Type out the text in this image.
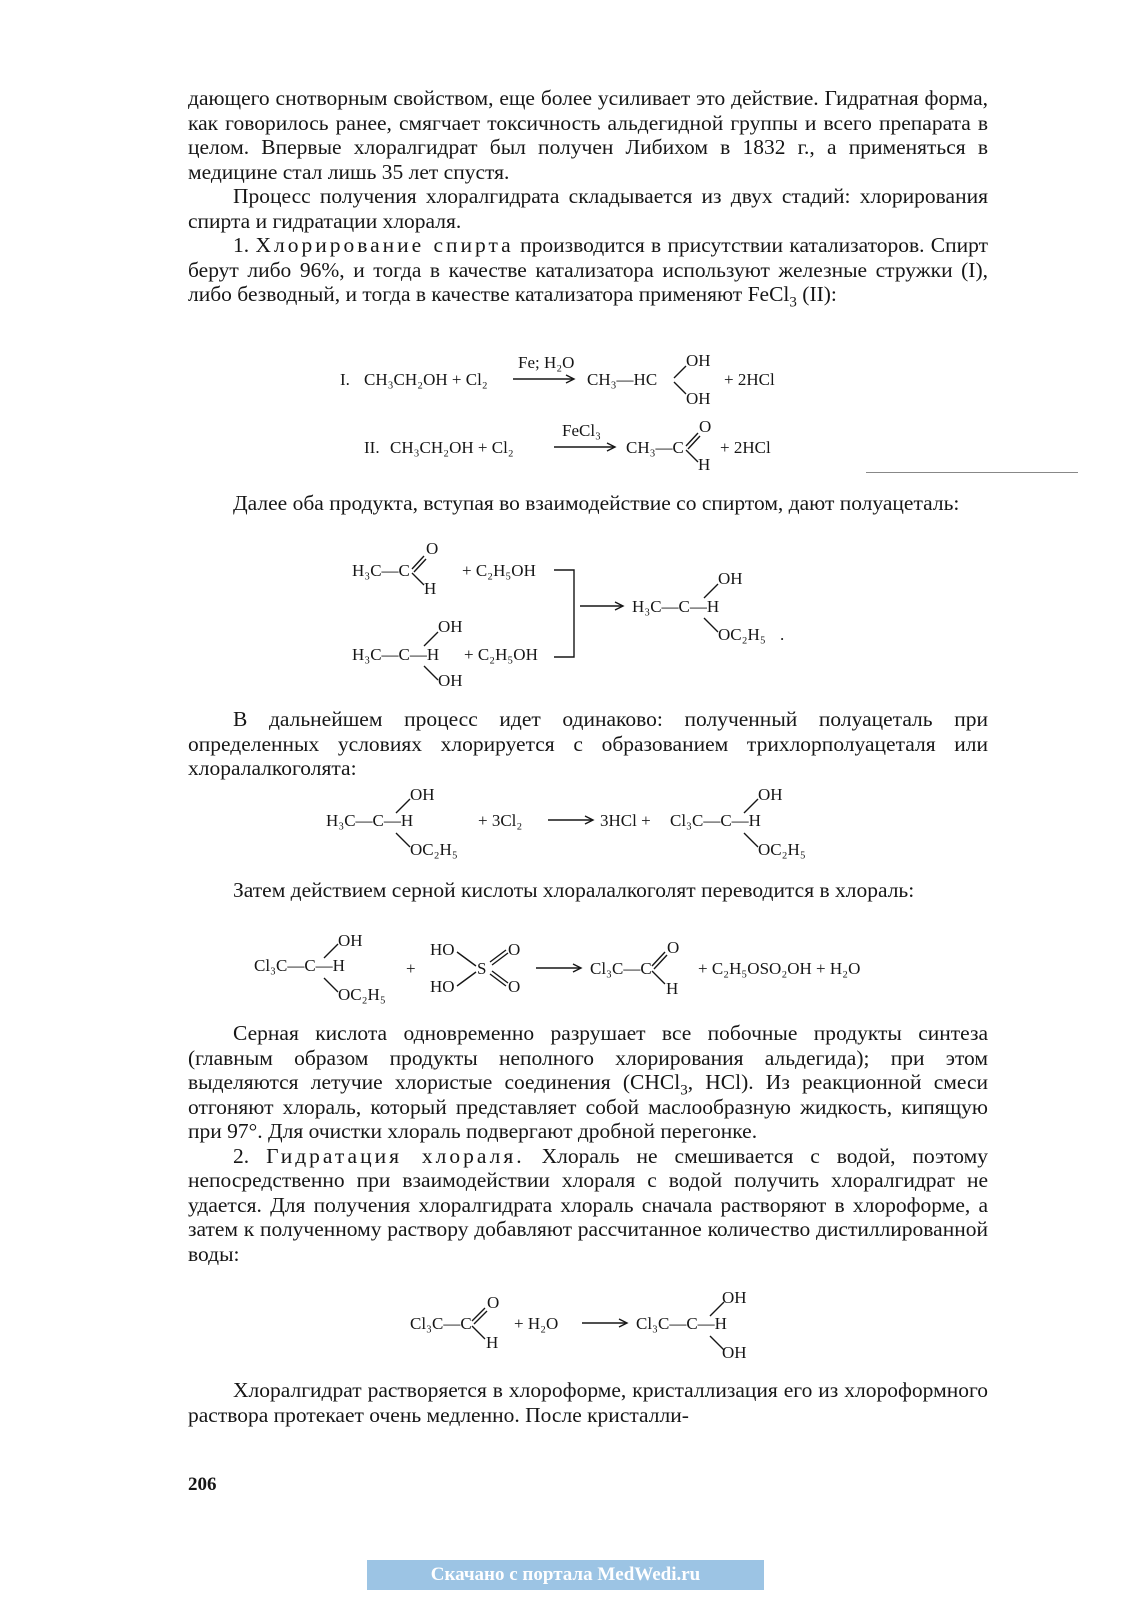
дающего снотворным свойством, еще более усиливает это действие. Гидратная форма, как говорилось ранее, смягчает токсичность альдегидной группы и всего препарата в целом. Впервые хлоралгидрат был получен Либихом в 1832 г., а применяться в медицине стал лишь 35 лет спустя.

Процесс получения хлоралгидрата складывается из двух стадий: хлорирования спирта и гидратации хлораля.

1. Хлорирование спирта производится в присутствии катализаторов. Спирт берут либо 96%, и тогда в качестве катализатора используют железные стружки (I), либо безводный, и тогда в качестве катализатора применяют FeCl$_3$ (II):

I. CH₃CH₂OH + Cl₂
Fe; H₂O
CH₃—HC
OH
OH
+ 2HCl
II. CH₃CH₂OH + Cl₂
FeCl₃
CH₃—C
O
H
+ 2HCl

Далее оба продукта, вступая во взаимодействие со спиртом, дают полуацеталь:

H₃C—C
O
H
+ C₂H₅OH
H₃C—C—H
OH
OH
+ C₂H₅OH
H₃C—C—H
OH
OC₂H₅ .

В дальнейшем процесс идет одинаково: полученный полуацеталь при определенных условиях хлорируется с образованием трихлорполуацеталя или хлоралалкоголята:

H₃C—C—H
OH
OC₂H₅
+ 3Cl₂	3HCl + Cl₃C—C—H
OH
OC₂H₅

Затем действием серной кислоты хлоралалкоголят переводится в хлораль:

Cl₃C—C—H
OH
OC₂H₅
+
HO
HO
S
O
O
Cl₃C—C
O
H
+ C₂H₅OSO₂OH + H₂O

Серная кислота одновременно разрушает все побочные продукты синтеза (главным образом продукты неполного хлорирования альдегида); при этом выделяются летучие хлористые соединения (CHCl$_3$, HCl). Из реакционной смеси отгоняют хлораль, который представляет собой маслообразную жидкость, кипящую при 97°. Для очистки хлораль подвергают дробной перегонке.

2. Гидратация хлораля. Хлораль не смешивается с водой, поэтому непосредственно при взаимодействии хлораля с водой получить хлоралгидрат не удается. Для получения хлоралгидрата хлораль сначала растворяют в хлороформе, а затем к полученному раствору добавляют рассчитанное количество дистиллированной воды:

Cl₃C—C
O
H
+ H₂O	Cl₃C—C—H
OH
OH

Хлоралгидрат растворяется в хлороформе, кристаллизация его из хлороформного раствора протекает очень медленно. После кристалли-

206
Скачано с портала MedWedi.ru
